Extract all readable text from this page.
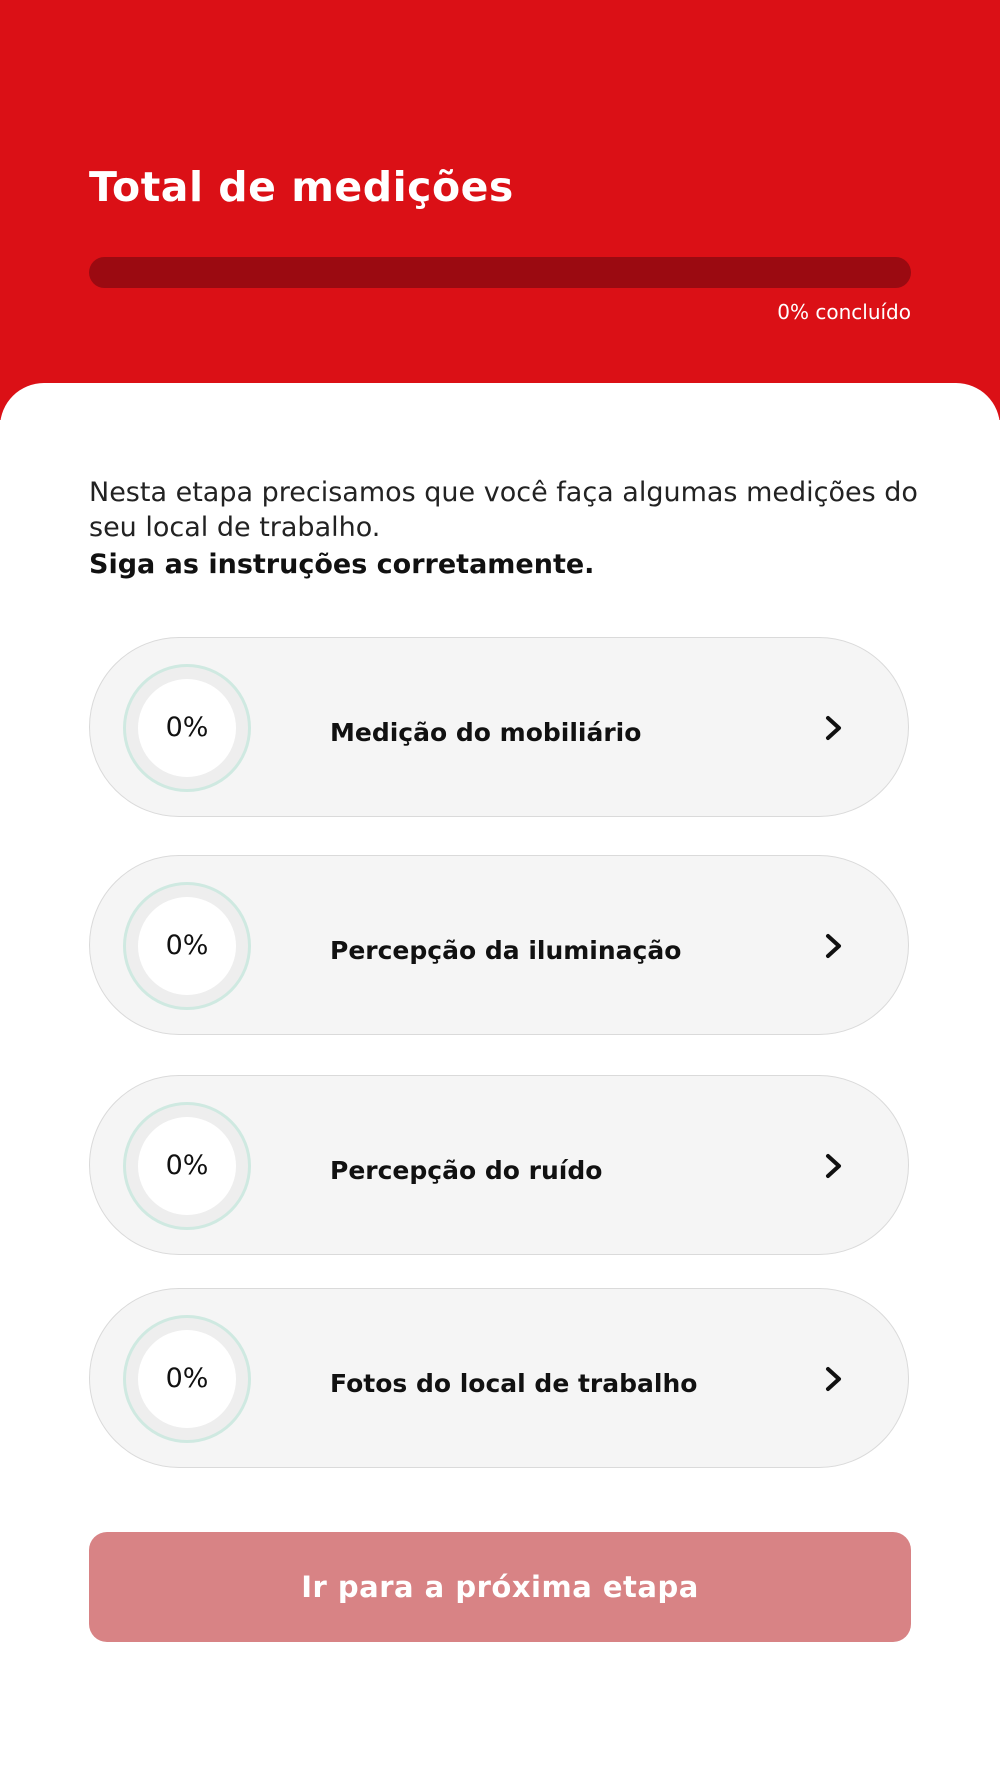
Total de medições
0% concluído
Nesta etapa precisamos que você faça algumas medições do seu local de trabalho.
Siga as instruções corretamente.
0%	Medição do mobiliário
0%	Percepção da iluminação
0%	Percepção do ruído
0%	Fotos do local de trabalho
Ir para a próxima etapa
